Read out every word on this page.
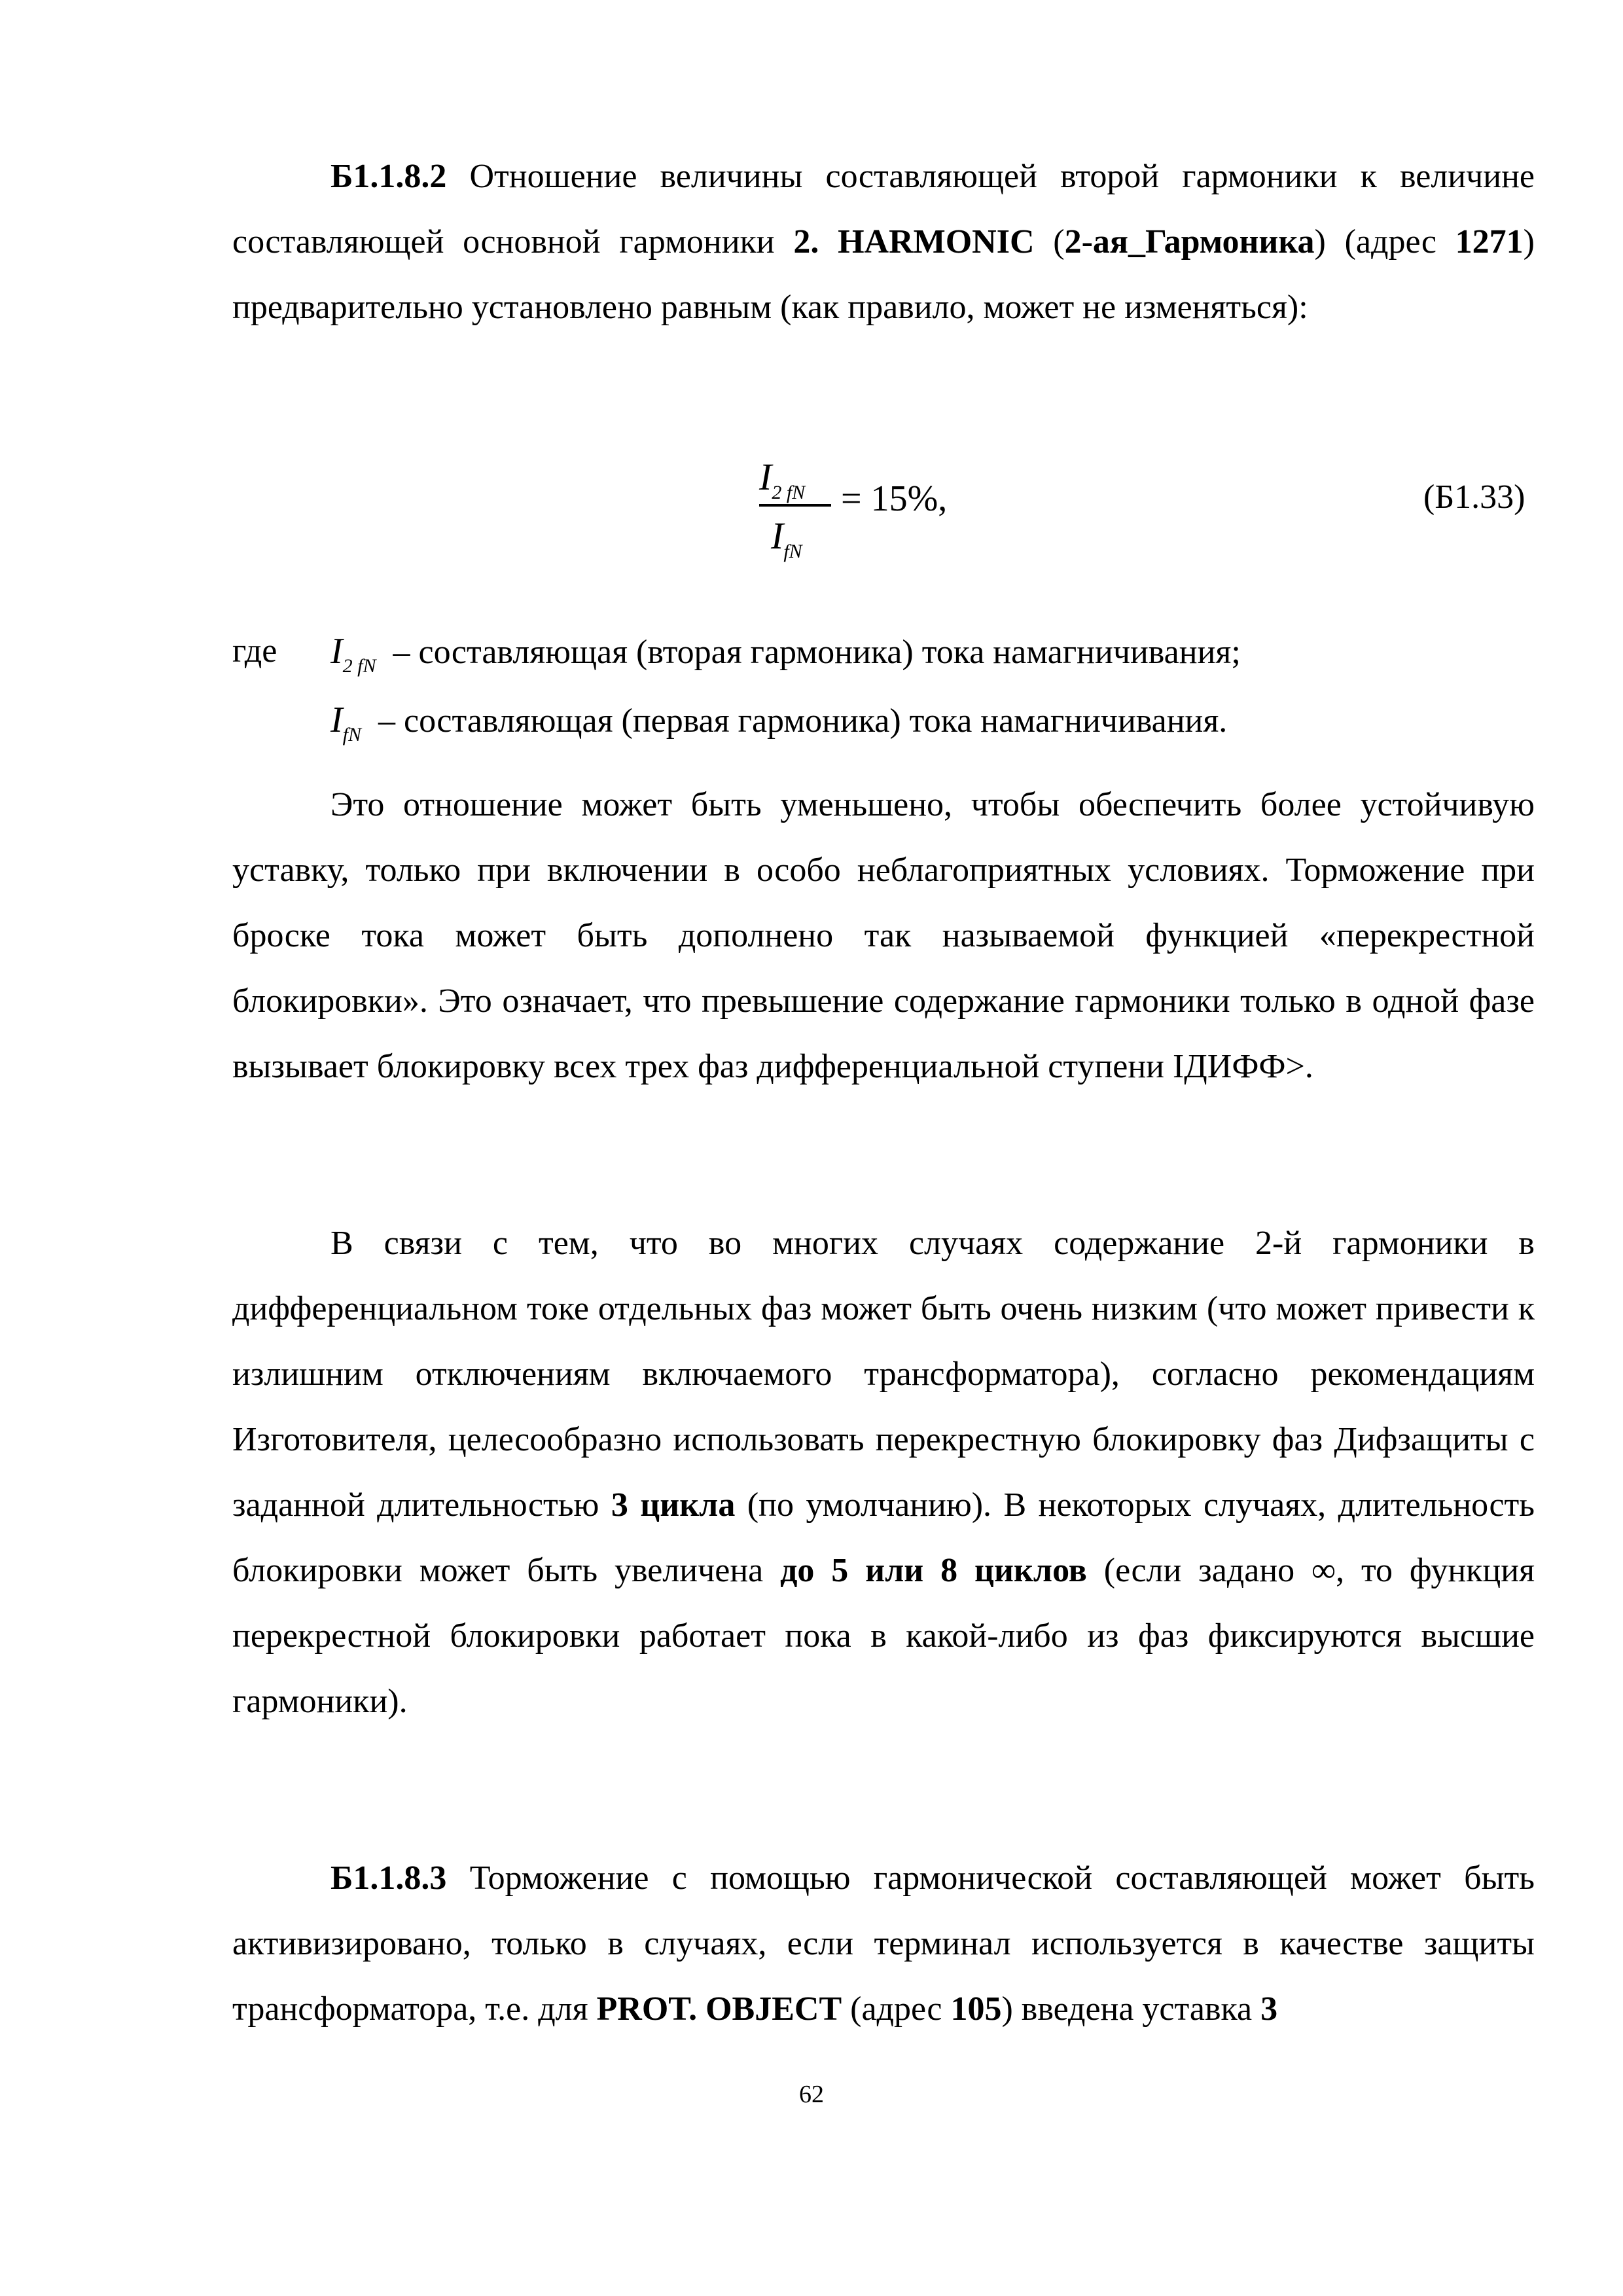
Б1.1.8.2 Отношение величины составляющей второй гармоники к величине составляющей основной гармоники 2. HARMONIC (2-ая_Гармоника) (адрес 1271) предварительно установлено равным (как правило, может не изменяться):

$I_{2 fN}$
$I_{fN}$
= 15%,	(Б1.33)
где $I_{2 fN}$ – составляющая (вторая гармоника) тока намагничивания;
$I_{fN}$ – составляющая (первая гармоника) тока намагничивания.

Это отношение может быть уменьшено, чтобы обеспечить более устойчивую уставку, только при включении в особо неблагоприятных условиях. Торможение при броске тока может быть дополнено так называемой функцией «перекрестной блокировки». Это означает, что превышение содержание гармоники только в одной фазе вызывает блокировку всех трех фаз дифференциальной ступени IДИФФ>.

В связи с тем, что во многих случаях содержание 2-й гармоники в дифференциальном токе отдельных фаз может быть очень низким (что может привести к излишним отключениям включаемого трансформатора), согласно рекомендациям Изготовителя, целесообразно использовать перекрестную блокировку фаз Дифзащиты с заданной длительностью 3 цикла (по умолчанию). В некоторых случаях, длительность блокировки может быть увеличена до 5 или 8 циклов (если задано ∞, то функция перекрестной блокировки работает пока в какой-либо из фаз фиксируются высшие гармоники).

Б1.1.8.3 Торможение с помощью гармонической составляющей может быть активизировано, только в случаях, если терминал используется в качестве защиты трансформатора, т.е. для PROT. OBJECT (адрес 105) введена уставка 3

62
